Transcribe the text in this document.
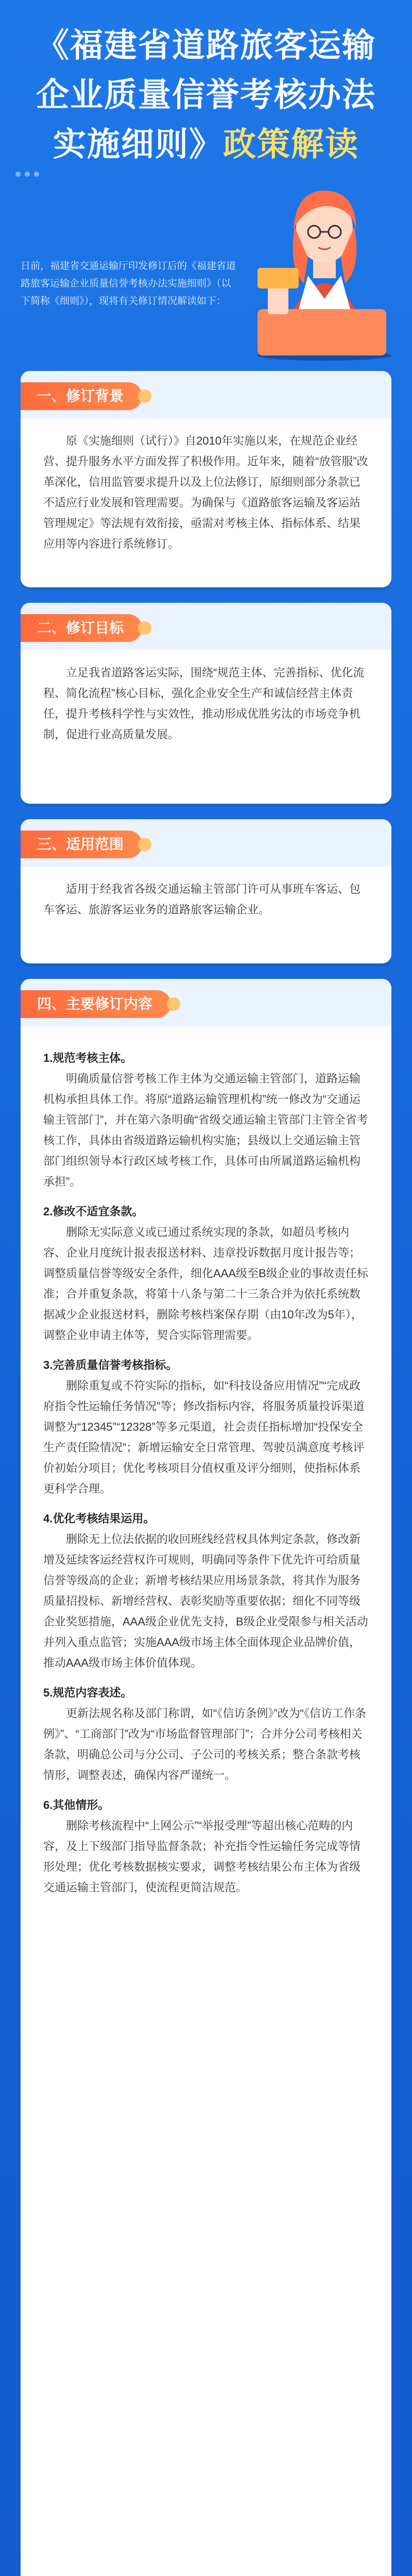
《福建省道路旅客运输
企业质量信誉考核办法
实施细则》政策解读
日前，福建省交通运输厅印发修订后的《福建省道路旅客运输企业质量信誉考核办法实施细则》（以下简称《细则》），现将有关修订情况解读如下：
一、修订背景

原《实施细则（试行）》自2010年实施以来，在规范企业经营、提升服务水平方面发挥了积极作用。近年来，随着“放管服”改革深化，信用监管要求提升以及上位法修订，原细则部分条款已不适应行业发展和管理需要。为确保与《道路旅客运输及客运站管理规定》等法规有效衔接，亟需对考核主体、指标体系、结果应用等内容进行系统修订。

二、修订目标

立足我省道路客运实际，围绕“规范主体、完善指标、优化流程、简化流程”核心目标，强化企业安全生产和诚信经营主体责任，提升考核科学性与实效性，推动形成优胜劣汰的市场竞争机制，促进行业高质量发展。

三、适用范围

适用于经我省各级交通运输主管部门许可从事班车客运、包车客运、旅游客运业务的道路旅客运输企业。

四、主要修订内容

1.规范考核主体。

明确质量信誉考核工作主体为交通运输主管部门，道路运输机构承担具体工作。将原“道路运输管理机构”统一修改为“交通运输主管部门”，并在第六条明确“省级交通运输主管部门主管全省考核工作，具体由省级道路运输机构实施；县级以上交通运输主管部门组织领导本行政区域考核工作，具体可由所属道路运输机构承担”。

2.修改不适宜条款。

删除无实际意义或已通过系统实现的条款，如超员考核内容、企业月度统计报表报送材料、违章投诉数据月度计报告等；调整质量信誉等级安全条件，细化AAA级至B级企业的事故责任标准；合并重复条款，将第十八条与第二十三条合并为依托系统数据减少企业报送材料，删除考核档案保存期（由10年改为5年），调整企业申请主体等，契合实际管理需要。

3.完善质量信誉考核指标。

删除重复或不符实际的指标，如“科技设备应用情况”“完成政府指令性运输任务情况”等；修改指标内容，将服务质量投诉渠道调整为“12345”“12328”等多元渠道，社会责任指标增加“投保安全生产责任险情况”；新增运输安全日常管理、驾驶员满意度考核评价初始分项目；优化考核项目分值权重及评分细则，使指标体系更科学合理。

4.优化考核结果运用。

删除无上位法依据的收回班线经营权具体判定条款，修改新增及延续客运经营权许可规则，明确同等条件下优先许可给质量信誉等级高的企业；新增考核结果应用场景条款，将其作为服务质量招投标、新增经营权、表彰奖励等重要依据；细化不同等级企业奖惩措施，AAA级企业优先支持，B级企业受限参与相关活动并列入重点监管；实施AAA级市场主体全面体现企业品牌价值，推动AAA级市场主体价值体现。

5.规范内容表述。

更新法规名称及部门称谓，如“《信访条例》”改为“《信访工作条例》”、“工商部门”改为“市场监督管理部门”；合并分公司考核相关条款，明确总公司与分公司、子公司的考核关系；整合条款考核情形，调整表述，确保内容严谨统一。

6.其他情形。

删除考核流程中“上网公示”“举报受理”等超出核心范畴的内容，及上下级部门指导监督条款；补充指令性运输任务完成等情形处理；优化考核数据核实要求，调整考核结果公布主体为省级交通运输主管部门，使流程更简洁规范。
